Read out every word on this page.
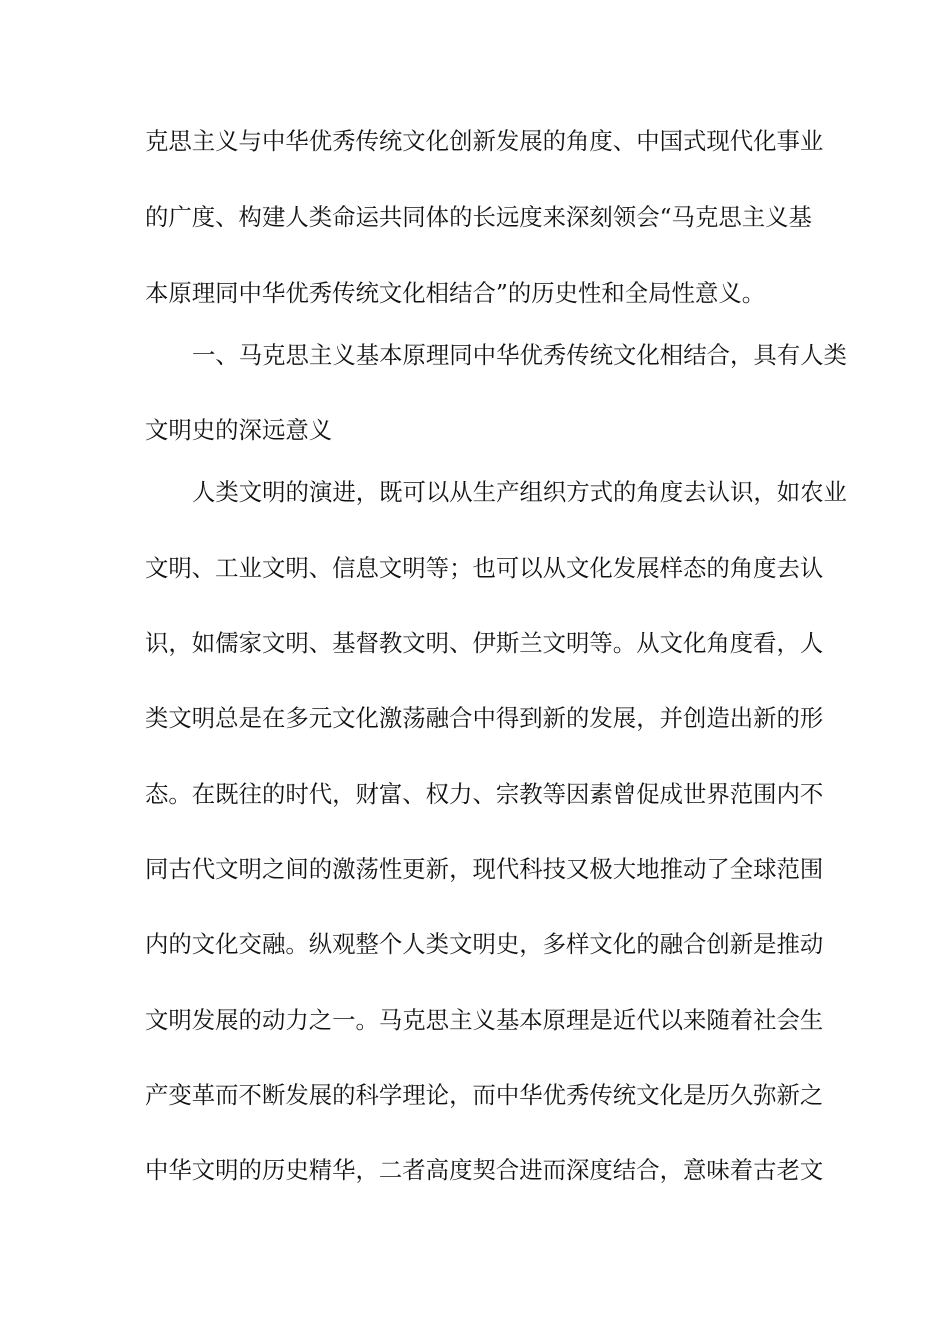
克思主义与中华优秀传统文化创新发展的角度、中国式现代化事业
的广度、构建人类命运共同体的长远度来深刻领会“马克思主义基
本原理同中华优秀传统文化相结合”的历史性和全局性意义。
一、马克思主义基本原理同中华优秀传统文化相结合，具有人类
文明史的深远意义
人类文明的演进，既可以从生产组织方式的角度去认识，如农业
文明、工业文明、信息文明等；也可以从文化发展样态的角度去认
识，如儒家文明、基督教文明、伊斯兰文明等。从文化角度看，人
类文明总是在多元文化激荡融合中得到新的发展，并创造出新的形
态。在既往的时代，财富、权力、宗教等因素曾促成世界范围内不
同古代文明之间的激荡性更新，现代科技又极大地推动了全球范围
内的文化交融。纵观整个人类文明史，多样文化的融合创新是推动
文明发展的动力之一。马克思主义基本原理是近代以来随着社会生
产变革而不断发展的科学理论，而中华优秀传统文化是历久弥新之
中华文明的历史精华，二者高度契合进而深度结合，意味着古老文
